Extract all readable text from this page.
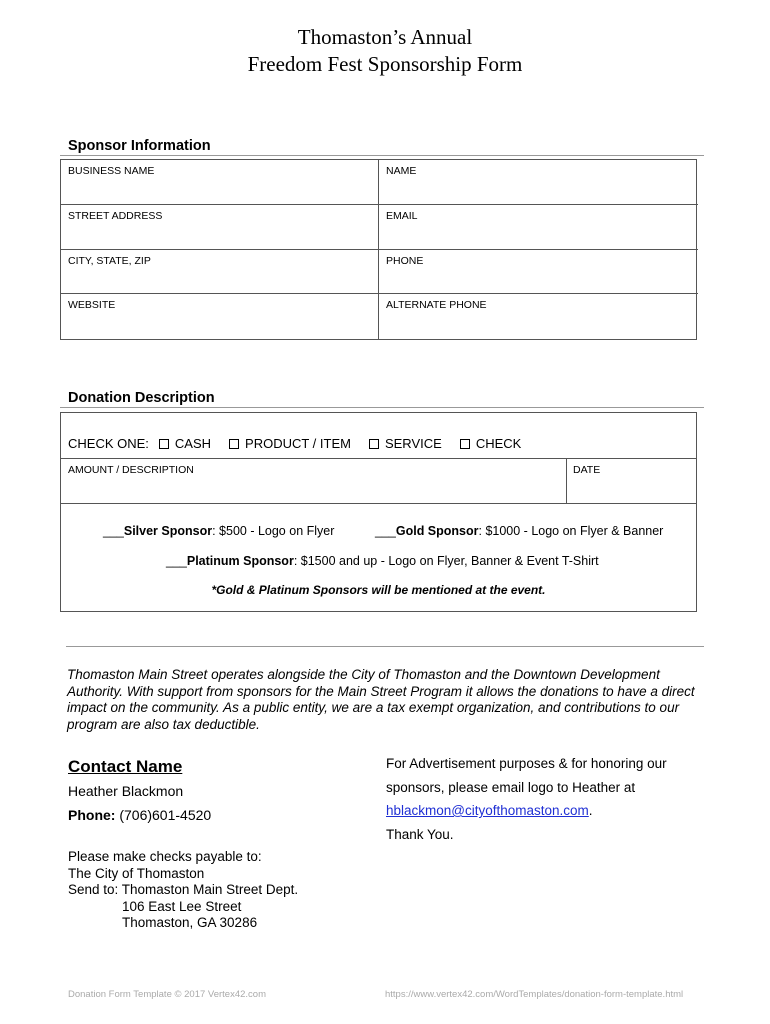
Thomaston’s Annual
Freedom Fest Sponsorship Form
Sponsor Information
BUSINESS NAME	NAME
STREET ADDRESS	EMAIL
CITY, STATE, ZIP	PHONE
WEBSITE	ALTERNATE PHONE
Donation Description
CHECK ONE: CASH	PRODUCT / ITEM	SERVICE	CHECK
AMOUNT / DESCRIPTION	DATE
___Silver Sponsor: $500 - Logo on Flyer	___Gold Sponsor: $1000 - Logo on Flyer & Banner
___Platinum Sponsor: $1500 and up - Logo on Flyer, Banner & Event T-Shirt
*Gold & Platinum Sponsors will be mentioned at the event.
Thomaston Main Street operates alongside the City of Thomaston and the Downtown Development Authority. With support from sponsors for the Main Street Program it allows the donations to have a direct impact on the community. As a public entity, we are a tax exempt organization, and contributions to our program are also tax deductible.
Contact Name
Heather Blackmon
Phone: (706)601-4520
For Advertisement purposes & for honoring our
sponsors, please email logo to Heather at
hblackmon@cityofthomaston.com.
Thank You.
Please make checks payable to:
The City of Thomaston
Send to: Thomaston Main Street Dept.
106 East Lee Street
Thomaston, GA 30286
Donation Form Template © 2017 Vertex42.com	https://www.vertex42.com/WordTemplates/donation-form-template.html
